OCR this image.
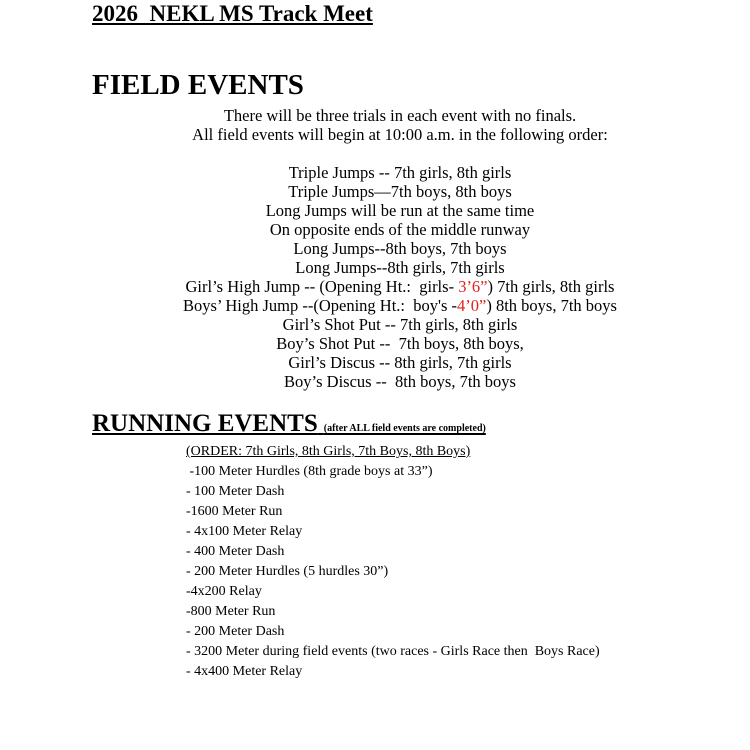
2026  NEKL MS Track Meet
FIELD EVENTS

There will be three trials in each event with no finals.

All field events will begin at 10:00 a.m. in the following order:

Triple Jumps -- 7th girls, 8th girls
Triple Jumps—7th boys, 8th boys
Long Jumps will be run at the same time
On opposite ends of the middle runway
Long Jumps--8th boys, 7th boys
Long Jumps--8th girls, 7th girls
Girl’s High Jump -- (Opening Ht.:  girls- 3’6”) 7th girls, 8th girls
Boys’ High Jump --(Opening Ht.:  boy's -4’0”) 8th boys, 7th boys
Girl’s Shot Put -- 7th girls, 8th girls
Boy’s Shot Put --  7th boys, 8th boys,
Girl’s Discus -- 8th girls, 7th girls
Boy’s Discus --  8th boys, 7th boys
RUNNING EVENTS (after ALL field events are completed)

(ORDER: 7th Girls, 8th Girls, 7th Boys, 8th Boys)

-100 Meter Hurdles (8th grade boys at 33”)
- 100 Meter Dash
-1600 Meter Run
- 4x100 Meter Relay
- 400 Meter Dash
- 200 Meter Hurdles (5 hurdles 30”)
-4x200 Relay
-800 Meter Run
- 200 Meter Dash
- 3200 Meter during field events (two races - Girls Race then  Boys Race)
- 4x400 Meter Relay
